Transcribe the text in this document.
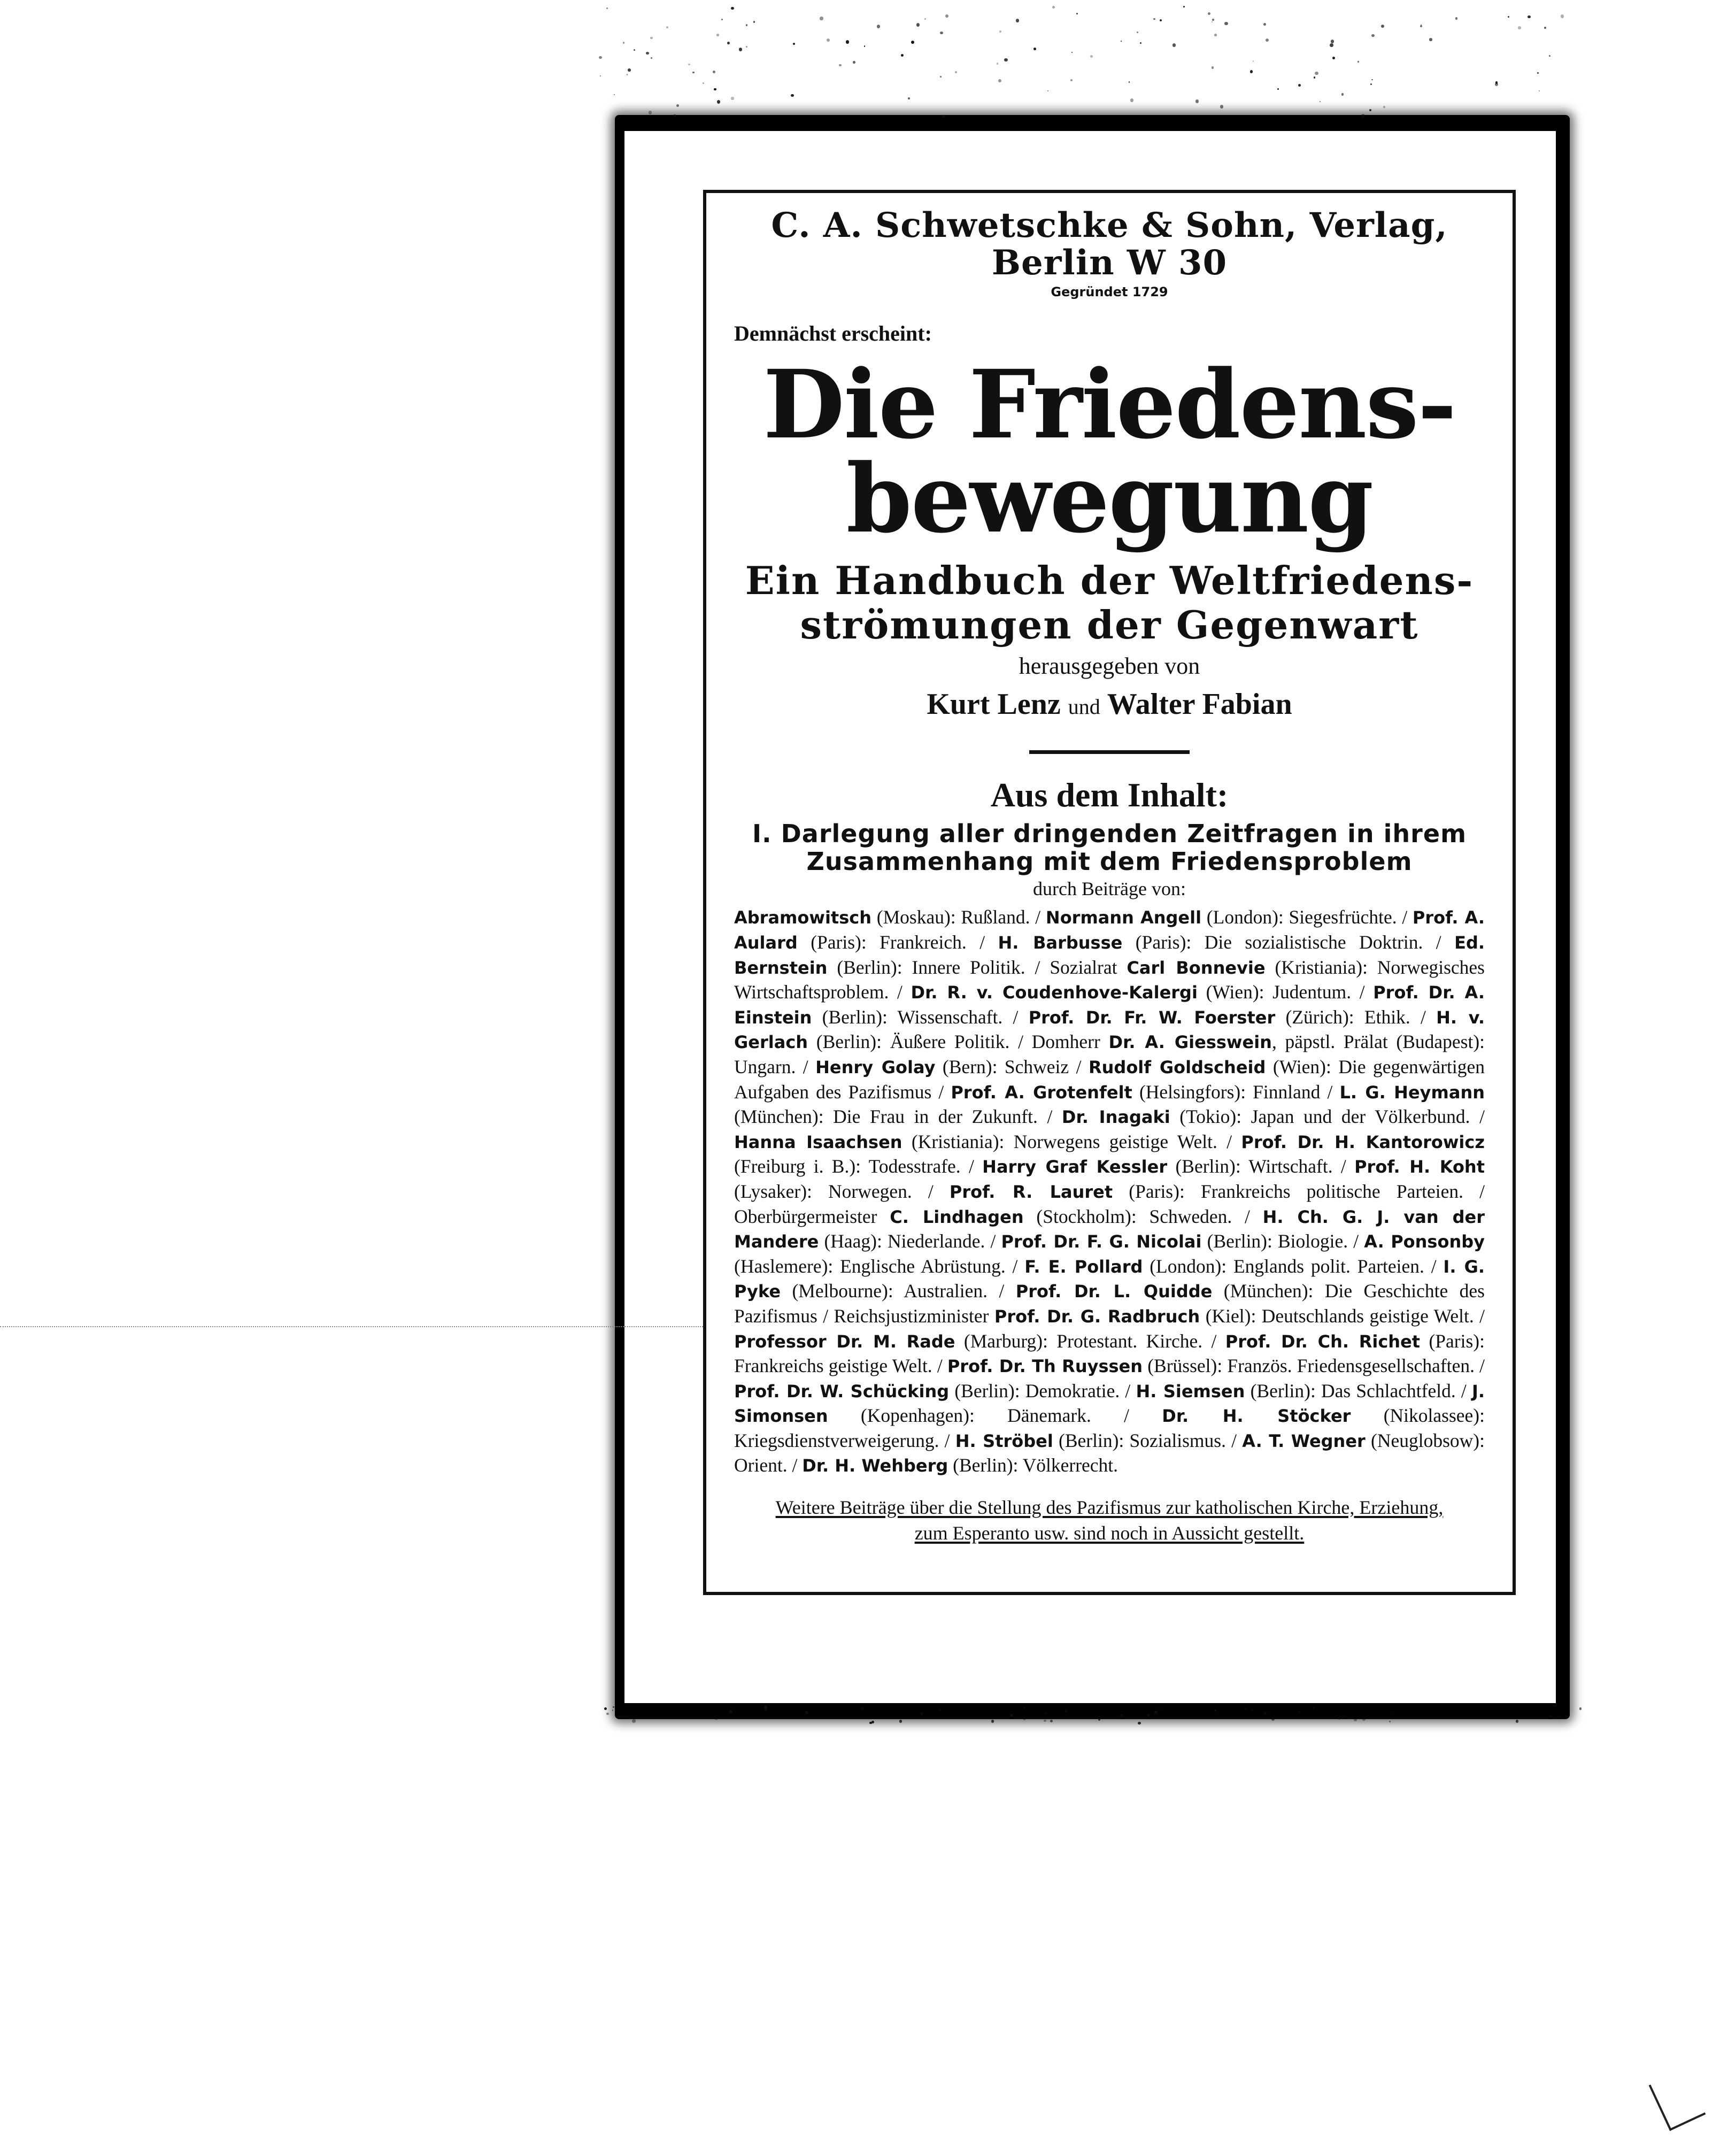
C. A. Schwetschke & Sohn, Verlag, Berlin W 30
Gegründet 1729
Demnächst erscheint:
Die Friedens-
bewegung
Ein Handbuch der Weltfriedens-
strömungen der Gegenwart
herausgegeben von
Kurt Lenz und Walter Fabian
Aus dem Inhalt:
I. Darlegung aller dringenden Zeitfragen in ihrem
Zusammenhang mit dem Friedensproblem
durch Beiträge von:
Abramowitsch (Moskau): Rußland. / Normann Angell (London): Siegesfrüchte. / Prof. A. Aulard (Paris): Frankreich. / H. Barbusse (Paris): Die sozialistische Doktrin. / Ed. Bernstein (Berlin): Innere Politik. / Sozialrat Carl Bonnevie (Kristiania): Norwegisches Wirtschaftsproblem. / Dr. R. v. Coudenhove-Kalergi (Wien): Judentum. / Prof. Dr. A. Einstein (Berlin): Wissenschaft. / Prof. Dr. Fr. W. Foerster (Zürich): Ethik. / H. v. Gerlach (Berlin): Äußere Politik. / Domherr Dr. A. Giesswein, päpstl. Prälat (Budapest): Ungarn. / Henry Golay (Bern): Schweiz / Rudolf Goldscheid (Wien): Die gegenwärtigen Aufgaben des Pazifismus / Prof. A. Grotenfelt (Helsingfors): Finnland / L. G. Heymann (München): Die Frau in der Zukunft. / Dr. Inagaki (Tokio): Japan und der Völkerbund. / Hanna Isaachsen (Kristiania): Norwegens geistige Welt. / Prof. Dr. H. Kantorowicz (Freiburg i. B.): Todesstrafe. / Harry Graf Kessler (Berlin): Wirtschaft. / Prof. H. Koht (Lysaker): Norwegen. / Prof. R. Lauret (Paris): Frankreichs politische Parteien. / Oberbürgermeister C. Lindhagen (Stockholm): Schweden. / H. Ch. G. J. van der Mandere (Haag): Niederlande. / Prof. Dr. F. G. Nicolai (Berlin): Biologie. / A. Ponsonby (Haslemere): Englische Abrüstung. / F. E. Pollard (London): Englands polit. Parteien. / I. G. Pyke (Melbourne): Australien. / Prof. Dr. L. Quidde (München): Die Geschichte des Pazifismus / Reichsjustizminister Prof. Dr. G. Radbruch (Kiel): Deutschlands geistige Welt. / Professor Dr. M. Rade (Marburg): Protestant. Kirche. / Prof. Dr. Ch. Richet (Paris): Frankreichs geistige Welt. / Prof. Dr. Th Ruyssen (Brüssel): Französ. Friedensgesellschaften. / Prof. Dr. W. Schücking (Berlin): Demokratie. / H. Siemsen (Berlin): Das Schlachtfeld. / J. Simonsen (Kopenhagen): Dänemark. / Dr. H. Stöcker (Nikolassee): Kriegsdienstverweigerung. / H. Ströbel (Berlin): Sozialismus. / A. T. Wegner (Neuglobsow): Orient. / Dr. H. Wehberg (Berlin): Völkerrecht.
Weitere Beiträge über die Stellung des Pazifismus zur katholischen Kirche, Erziehung,
zum Esperanto usw. sind noch in Aussicht gestellt.
